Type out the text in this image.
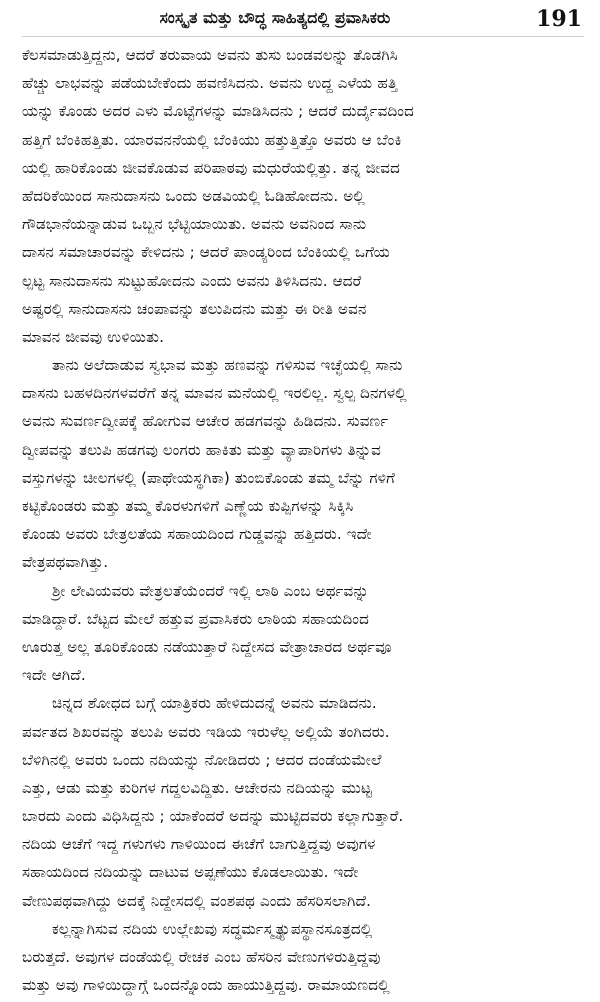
ಸಂಸ್ಕೃತ ಮತ್ತು ಬೌದ್ಧ ಸಾಹಿತ್ಯದಲ್ಲಿ ಪ್ರವಾಸಿಕರು	191
ಕೆಲಸಮಾಡುತ್ತಿದ್ದನು, ಆದರೆ ತರುವಾಯ ಅವನು ತುಸು ಬಂಡವಲನ್ನು ತೊಡಗಿಸಿ
ಹೆಚ್ಚು ಲಾಭವನ್ನು ಪಡೆಯಬೇಕೆಂದು ಹವಣಿಸಿದನು. ಅವನು ಉದ್ದ ಎಳೆಯ ಹತ್ತಿ
ಯನ್ನು ಕೊಂಡು ಅದರ ಎಳು ಮೊಟ್ಟೆಗಳನ್ನು ಮಾಡಿಸಿದನು ; ಆದರೆ ದುರ್ದೈವದಿಂದ
ಹತ್ತಿಗೆ ಬೆಂಕಿಹತ್ತಿತು. ಯಾರವನನೆಯಲ್ಲಿ ಬೆಂಕಿಯು ಹತ್ತುತ್ತಿತ್ತೊ ಅವರು ಆ ಬೆಂಕಿ
ಯಲ್ಲಿ ಹಾರಿಕೊಂಡು ಜೀವಕೊಡುವ ಪರಿಪಾಠವು ಮಧುರೆಯಲ್ಲಿತ್ತು. ತನ್ನ ಜೀವದ
ಹೆದರಿಕೆಯಿಂದ ಸಾನುದಾಸನು ಒಂದು ಅಡವಿಯಲ್ಲಿ ಓಡಿಹೋದನು. ಅಲ್ಲಿ
ಗೌಡಭಾನೆಯನ್ನಾಡುವ ಒಬ್ಬನ ಭೆಟ್ಟಿಯಾಯಿತು. ಅವನು ಅವನಿಂದ ಸಾನು
ದಾಸನ ಸಮಾಚಾರವನ್ನು ಕೇಳಿದನು ; ಆದರೆ ಪಾಂಡ್ಯರಿಂದ ಬೆಂಕಿಯಲ್ಲಿ ಒಗೆಯ
ಲ್ಪಟ್ಟ ಸಾನುದಾಸನು ಸುಟ್ಟುಹೋದನು ಎಂದು ಅವನು ತಿಳಿಸಿದನು. ಆದರೆ
ಅಷ್ಟರಲ್ಲಿ ಸಾನುದಾಸನು ಚಂಪಾವನ್ನು ತಲುಪಿದನು ಮತ್ತು ಈ ರೀತಿ ಅವನ
ಮಾವನ ಜೀವವು ಉಳಿಯಿತು.
ತಾನು ಅಲೆದಾಡುವ ಸ್ವಭಾವ ಮತ್ತು ಹಣವನ್ನು ಗಳಿಸುವ ಇಚ್ಛೆಯಲ್ಲಿ ಸಾನು
ದಾಸನು ಬಹಳದಿನಗಳವರೆಗೆ ತನ್ನ ಮಾವನ ಮನೆಯಲ್ಲಿ ಇರಲಿಲ್ಲ. ಸ್ವಲ್ಪ ದಿನಗಳಲ್ಲಿ
ಅವನು ಸುವರ್ಣದ್ವೀಪಕ್ಕೆ ಹೋಗುವ ಆಚೇರ ಹಡಗವನ್ನು ಹಿಡಿದನು. ಸುವರ್ಣ
ದ್ವೀಪವನ್ನು ತಲುಪಿ ಹಡಗವು ಲಂಗರು ಹಾಕಿತು ಮತ್ತು ವ್ಯಾಪಾರಿಗಳು ತಿನ್ನುವ
ವಸ್ತುಗಳನ್ನು ಚೀಲಗಳಲ್ಲಿ (ಪಾಥೇಯಸ್ಥಗಿಕಾ) ತುಂಬಿಕೊಂಡು ತಮ್ಮ ಬೆನ್ನು ಗಳಿಗೆ
ಕಟ್ಟಿಕೊಂಡರು ಮತ್ತು ತಮ್ಮ ಕೊರಳುಗಳಿಗೆ ಎಣ್ಣೆಯ ಕುಪ್ಪಿಗಳನ್ನು ಸಿಕ್ಕಿಸಿ
ಕೊಂಡು ಅವರು ಬೇತ್ರಲತೆಯ ಸಹಾಯದಿಂದ ಗುಡ್ಡವನ್ನು ಹತ್ತಿದರು. ಇದೇ
ವೇತ್ರಪಥವಾಗಿತ್ತು.
ಶ್ರೀ ಲೇವಿಯವರು ವೇತ್ರಲತೆಯೆಂದರೆ ಇಲ್ಲಿ ಲಾಠಿ ಎಂಬ ಅರ್ಥವನ್ನು
ಮಾಡಿದ್ದಾರೆ. ಬೆಟ್ಟದ ಮೇಲೆ ಹತ್ತುವ ಪ್ರವಾಸಿಕರು ಲಾಠಿಯ ಸಹಾಯದಿಂದ
ಊರುತ್ತ ಅಲ್ಲ ತೂರಿಕೊಂಡು ನಡೆಯುತ್ತಾರೆ ನಿದ್ದೇಸದ ವೇತ್ರಾಚಾರದ ಅರ್ಥವೂ
ಇದೇ ಆಗಿದೆ.
ಚಿನ್ನದ ಶೋಧದ ಬಗ್ಗೆ ಯಾತ್ರಿಕರು ಹೇಳಿದುದನ್ನೆ ಅವನು ಮಾಡಿದನು.
ಪರ್ವತದ ಶಿಖರವನ್ನು ತಲುಪಿ ಅವರು ಇಡಿಯ ಇರುಳೆಲ್ಲ ಅಲ್ಲಿಯೆ ತಂಗಿದರು.
ಬೆಳಿಗಿನಲ್ಲಿ ಅವರು ಒಂದು ನದಿಯನ್ನು ನೋಡಿದರು ; ಆದರ ದಂಡೆಯಮೇಲೆ
ಎತ್ತು, ಆಡು ಮತ್ತು ಕುರಿಗಳ ಗದ್ದಲವಿದ್ದಿತು. ಆಚೇರನು ನದಿಯನ್ನು ಮುಟ್ಟ
ಬಾರದು ಎಂದು ವಿಧಿಸಿದ್ದನು ; ಯಾಕೆಂದರೆ ಅದನ್ನು ಮುಟ್ಟಿದವರು ಕಲ್ಲಾಗುತ್ತಾರೆ.
ನದಿಯ ಆಚೆಗೆ ಇದ್ದ ಗಳುಗಳು ಗಾಳಿಯಿಂದ ಈಚೆಗೆ ಬಾಗುತ್ತಿದ್ದವು ಅವುಗಳ
ಸಹಾಯದಿಂದ ನದಿಯನ್ನು ದಾಟುವ ಅಪ್ಪಣೆಯು ಕೊಡಲಾಯಿತು. ಇದೇ
ವೇಣುಪಥವಾಗಿದ್ದು ಅದಕ್ಕೆ ನಿದ್ದೇಸದಲ್ಲಿ ವಂಶಪಥ ಎಂದು ಹೆಸರಿಸಲಾಗಿದೆ.
ಕಲ್ಲನ್ನಾಗಿಸುವ ನದಿಯ ಉಲ್ಲೇಖವು ಸದ್ಧರ್ಮಸ್ಮೃತ್ಯುಪಸ್ಥಾನಸೂತ್ರದಲ್ಲಿ
ಬರುತ್ತದೆ. ಅವುಗಳ ದಂಡೆಯಲ್ಲಿ ರೇಚಕ ಎಂಬ ಹೆಸರಿನ ವೇಣುಗಳಿರುತ್ತಿದ್ದವು
ಮತ್ತು ಅವು ಗಾಳಿಯಿದ್ದಾಗ್ಗೆ ಒಂದನ್ನೊಂದು ಹಾಯುತ್ತಿದ್ದವು. ರಾಮಾಯಣದಲ್ಲಿ
